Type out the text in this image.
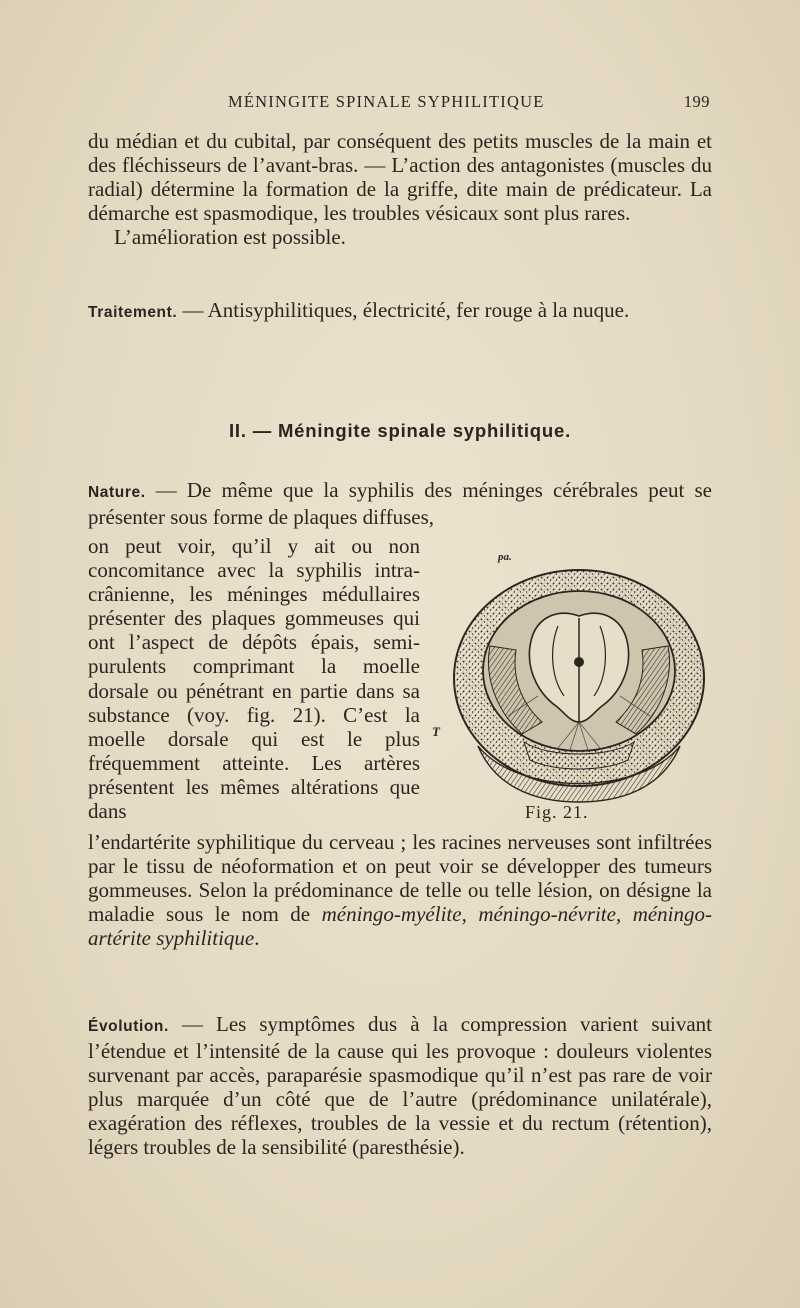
MÉNINGITE SPINALE SYPHILITIQUE	199
du médian et du cubital, par conséquent des petits muscles de la main et des fléchisseurs de l’avant-bras. — L’action des antagonistes (muscles du radial) détermine la formation de la griffe, dite main de prédicateur. La démarche est spasmodique, les troubles vésicaux sont plus rares.
L’amélioration est possible.
Traitement. — Antisyphilitiques, électricité, fer rouge à la nuque.
II. — Méningite spinale syphilitique.
Nature. — De même que la syphilis des méninges cérébrales peut se présenter sous forme de plaques diffuses,
on peut voir, qu’il y ait ou non concomitance avec la syphilis intra-crânienne, les méninges médullaires présenter des plaques gommeuses qui ont l’aspect de dépôts épais, semi-purulents comprimant la moelle dorsale ou pénétrant en partie dans sa substance (voy. fig. 21). C’est la moelle dorsale qui est le plus fréquemment atteinte. Les artères présentent les mêmes altérations que dans
pa.
T
Fig. 21.
l’endartérite syphilitique du cerveau ; les racines nerveuses sont infiltrées par le tissu de néoformation et on peut voir se développer des tumeurs gommeuses. Selon la prédominance de telle ou telle lésion, on désigne la maladie sous le nom de méningo-myélite, méningo-névrite, méningo-artérite syphilitique.
Évolution. — Les symptômes dus à la compression varient suivant l’étendue et l’intensité de la cause qui les provoque : douleurs violentes survenant par accès, paraparésie spasmodique qu’il n’est pas rare de voir plus marquée d’un côté que de l’autre (prédominance unilatérale), exagération des réflexes, troubles de la vessie et du rectum (rétention), légers troubles de la sensibilité (paresthésie).
